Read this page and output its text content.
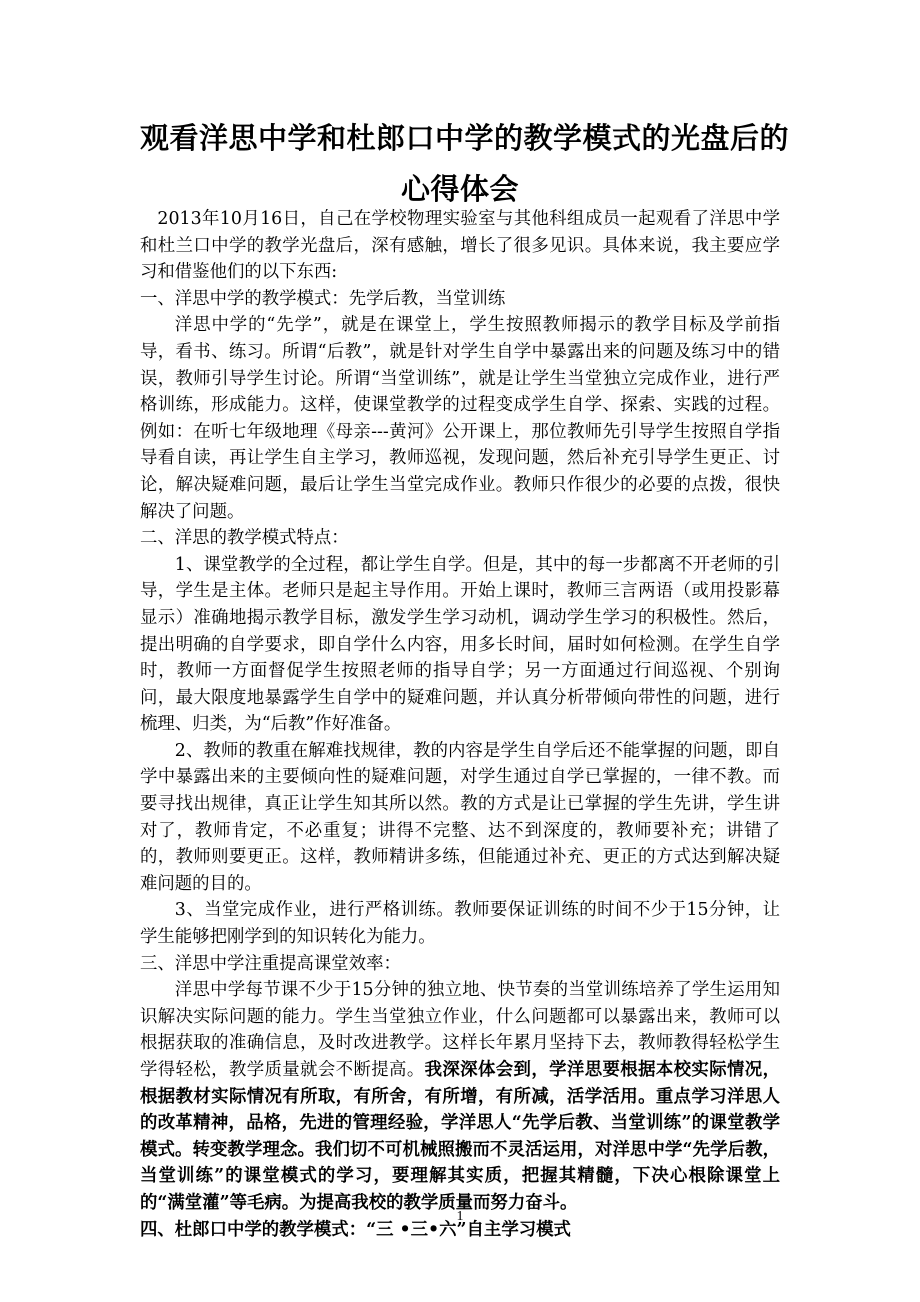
观看洋思中学和杜郎口中学的教学模式的光盘后的
心得体会

2013年10月16日，自己在学校物理实验室与其他科组成员一起观看了洋思中学和杜兰口中学的教学光盘后，深有感触，增长了很多见识。具体来说，我主要应学习和借鉴他们的以下东西:

一、洋思中学的教学模式：先学后教，当堂训练

洋思中学的“先学”，就是在课堂上，学生按照教师揭示的教学目标及学前指导，看书、练习。所谓“后教”，就是针对学生自学中暴露出来的问题及练习中的错误，教师引导学生讨论。所谓“当堂训练”，就是让学生当堂独立完成作业，进行严格训练，形成能力。这样，使课堂教学的过程变成学生自学、探索、实践的过程。例如：在听七年级地理《母亲---黄河》公开课上，那位教师先引导学生按照自学指导看自读，再让学生自主学习，教师巡视，发现问题，然后补充引导学生更正、讨论，解决疑难问题，最后让学生当堂完成作业。教师只作很少的必要的点拨，很快解决了问题。

二、洋思的教学模式特点：

1、课堂教学的全过程，都让学生自学。但是，其中的每一步都离不开老师的引导，学生是主体。老师只是起主导作用。开始上课时，教师三言两语（或用投影幕显示）准确地揭示教学目标，激发学生学习动机，调动学生学习的积极性。然后，提出明确的自学要求，即自学什么内容，用多长时间，届时如何检测。在学生自学时，教师一方面督促学生按照老师的指导自学；另一方面通过行间巡视、个别询问，最大限度地暴露学生自学中的疑难问题，并认真分析带倾向带性的问题，进行梳理、归类，为“后教”作好准备。

2、教师的教重在解难找规律，教的内容是学生自学后还不能掌握的问题，即自学中暴露出来的主要倾向性的疑难问题，对学生通过自学已掌握的，一律不教。而要寻找出规律，真正让学生知其所以然。教的方式是让已掌握的学生先讲，学生讲对了，教师肯定，不必重复；讲得不完整、达不到深度的，教师要补充；讲错了的，教师则要更正。这样，教师精讲多练，但能通过补充、更正的方式达到解决疑难问题的目的。

3、当堂完成作业，进行严格训练。教师要保证训练的时间不少于15分钟，让学生能够把刚学到的知识转化为能力。

三、洋思中学注重提高课堂效率：

洋思中学每节课不少于15分钟的独立地、快节奏的当堂训练培养了学生运用知识解决实际问题的能力。学生当堂独立作业，什么问题都可以暴露出来，教师可以根据获取的准确信息，及时改进教学。这样长年累月坚持下去，教师教得轻松学生学得轻松，教学质量就会不断提高。我深深体会到，学洋思要根据本校实际情况，根据教材实际情况有所取，有所舍，有所增，有所减，活学活用。重点学习洋思人的改革精神，品格，先进的管理经验，学洋思人“先学后教、当堂训练”的课堂教学模式。转变教学理念。我们切不可机械照搬而不灵活运用，对洋思中学“先学后教，当堂训练”的课堂模式的学习，要理解其实质，把握其精髓，下决心根除课堂上的“满堂灌”等毛病。为提高我校的教学质量而努力奋斗。

四、杜郎口中学的教学模式：“三 •三•六”自主学习模式

1
